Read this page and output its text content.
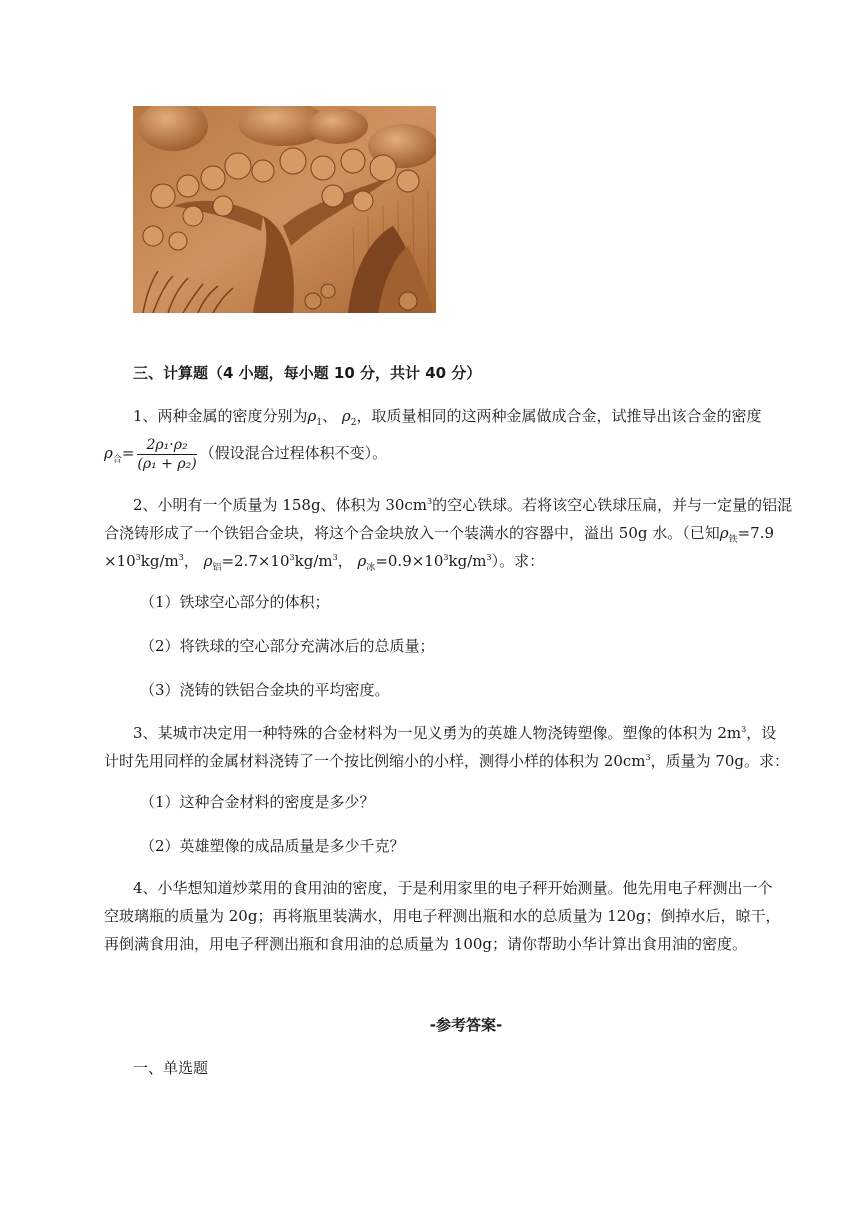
三、计算题（4 小题，每小题 10 分，共计 40 分）
1、两种金属的密度分别为$\rho_1$、 $\rho_2$，取质量相同的这两种金属做成合金，试推导出该合金的密度
$\rho_合= \frac{\text{2ρ₁·ρ₂}}{\text{(ρ₁ + ρ₂)}}$ （假设混合过程体积不变）。
2、小明有一个质量为 158g、体积为 $30cm^3$的空心铁球。若将该空心铁球压扁，并与一定量的铝混
合浇铸形成了一个铁铝合金块，将这个合金块放入一个装满水的容器中，溢出 50g 水。（已知$\rho_铁=7.9$
$\times 10^3kg/m^3$， $\rho_铝=2.7\times 10^3kg/m^3$， $\rho_冰=0.9\times 10^3kg/m^3$）。求：
（1）铁球空心部分的体积；
（2）将铁球的空心部分充满冰后的总质量；
（3）浇铸的铁铝合金块的平均密度。
3、某城市决定用一种特殊的合金材料为一见义勇为的英雄人物浇铸塑像。塑像的体积为 $2m^3$，设
计时先用同样的金属材料浇铸了一个按比例缩小的小样，测得小样的体积为 $20cm^3$，质量为 70g。求：
（1）这种合金材料的密度是多少？
（2）英雄塑像的成品质量是多少千克？
4、小华想知道炒菜用的食用油的密度，于是利用家里的电子秤开始测量。他先用电子秤测出一个
空玻璃瓶的质量为 20g；再将瓶里装满水，用电子秤测出瓶和水的总质量为 120g；倒掉水后，晾干，
再倒满食用油，用电子秤测出瓶和食用油的总质量为 100g；请你帮助小华计算出食用油的密度。
-参考答案-
一、单选题
